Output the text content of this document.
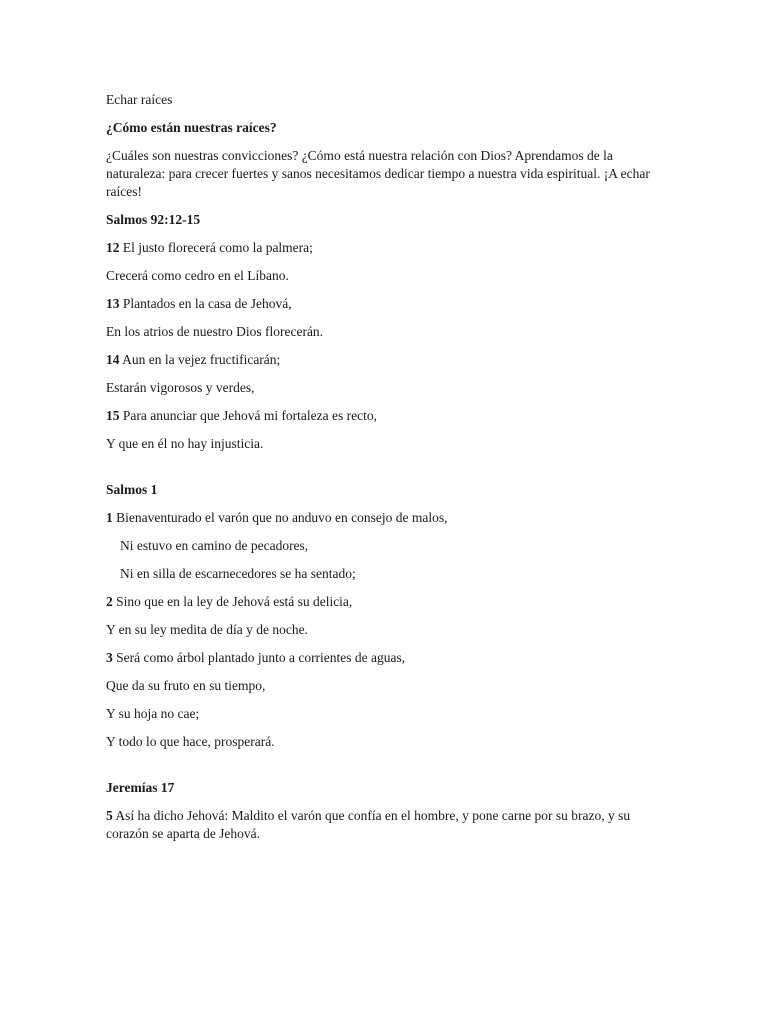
Echar raíces

¿Cómo están nuestras raíces?

¿Cuáles son nuestras convicciones? ¿Cómo está nuestra relación con Dios? Aprendamos de la naturaleza: para crecer fuertes y sanos necesitamos dedicar tiempo a nuestra vida espiritual. ¡A echar raíces!

Salmos 92:12-15

12 El justo florecerá como la palmera;

Crecerá como cedro en el Líbano.

13 Plantados en la casa de Jehová,

En los atrios de nuestro Dios florecerán.

14 Aun en la vejez fructificarán;

Estarán vigorosos y verdes,

15 Para anunciar que Jehová mi fortaleza es recto,

Y que en él no hay injusticia.

Salmos 1

1 Bienaventurado el varón que no anduvo en consejo de malos,

Ni estuvo en camino de pecadores,

Ni en silla de escarnecedores se ha sentado;

2 Sino que en la ley de Jehová está su delicia,

Y en su ley medita de día y de noche.

3 Será como árbol plantado junto a corrientes de aguas,

Que da su fruto en su tiempo,

Y su hoja no cae;

Y todo lo que hace, prosperará.

Jeremías 17

5 Así ha dicho Jehová: Maldito el varón que confía en el hombre, y pone carne por su brazo, y su corazón se aparta de Jehová.
